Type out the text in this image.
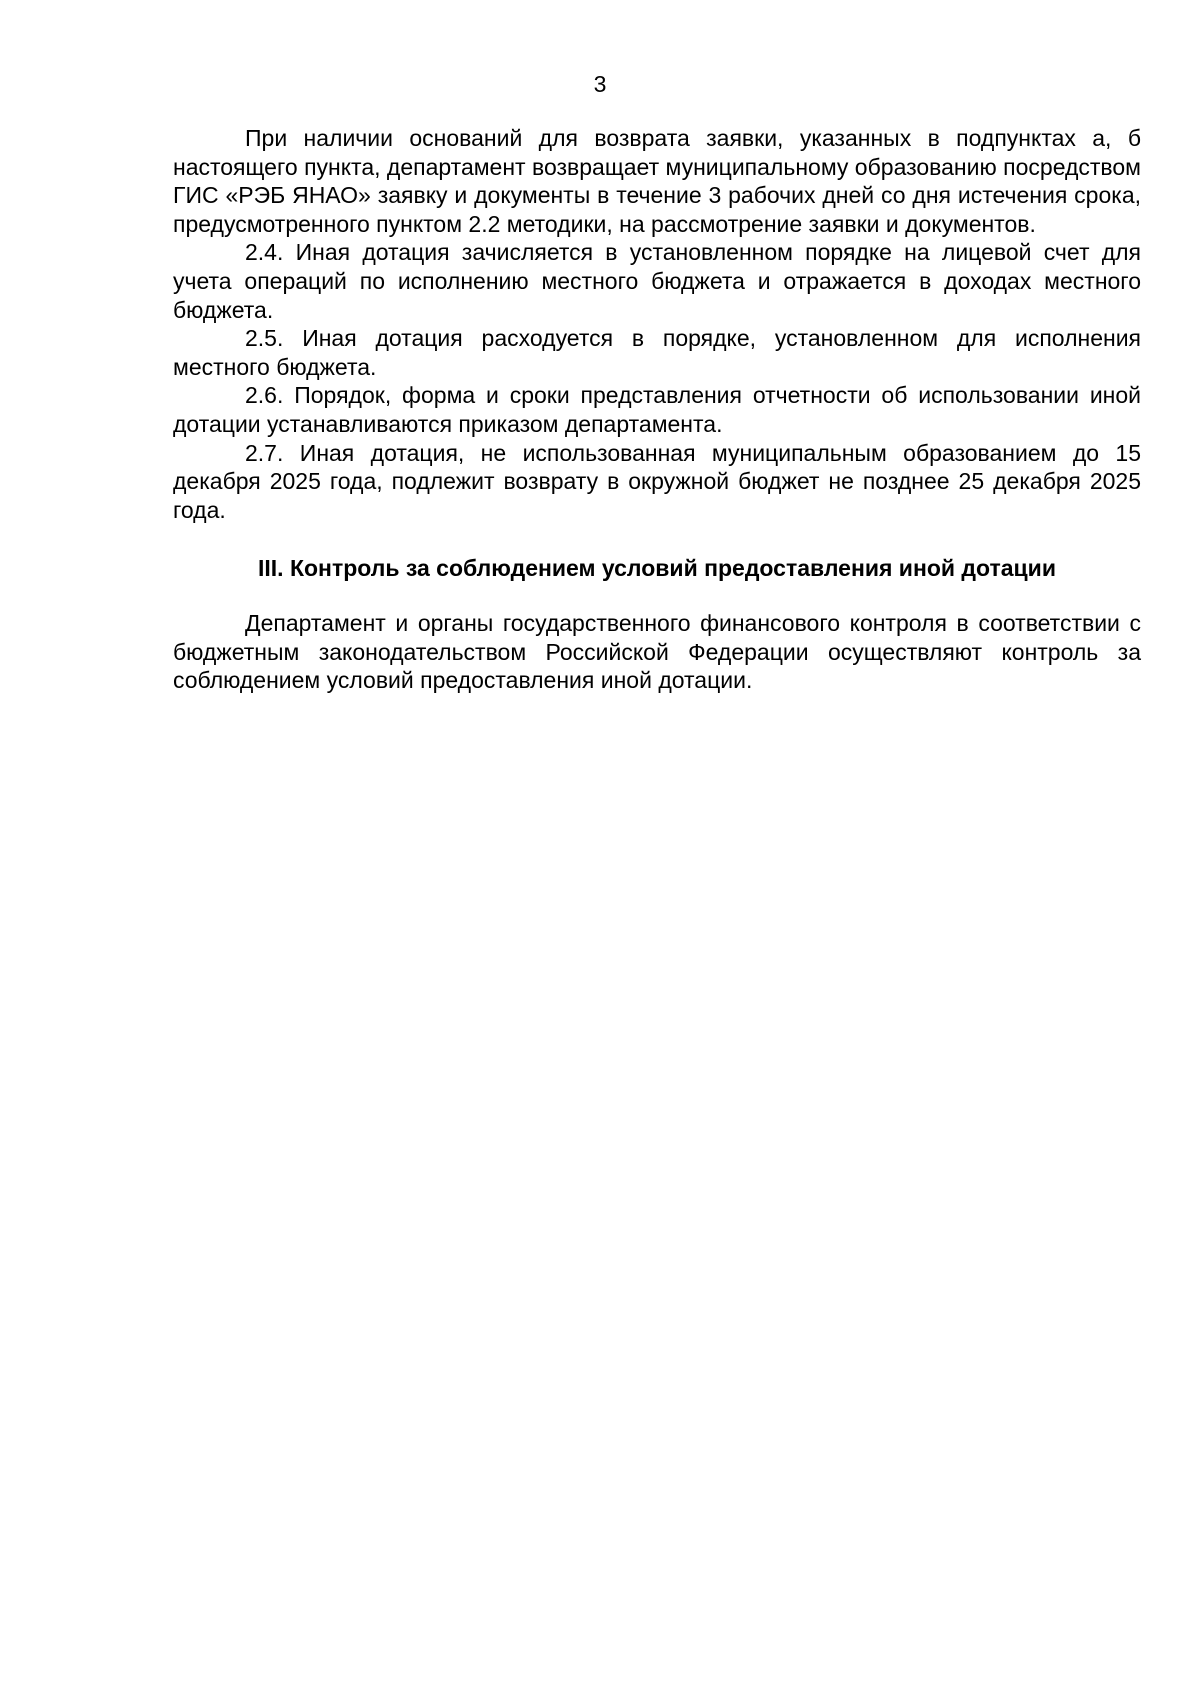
3

При наличии оснований для возврата заявки, указанных в подпунктах а, б настоящего пункта, департамент возвращает муниципальному образованию посредством ГИС «РЭБ ЯНАО» заявку и документы в течение 3 рабочих дней со дня истечения срока, предусмотренного пунктом 2.2 методики, на рассмотрение заявки и документов.

2.4. Иная дотация зачисляется в установленном порядке на лицевой счет для учета операций по исполнению местного бюджета и отражается в доходах местного бюджета.

2.5. Иная дотация расходуется в порядке, установленном для исполнения местного бюджета.

2.6. Порядок, форма и сроки представления отчетности об использовании иной дотации устанавливаются приказом департамента.

2.7. Иная дотация, не использованная муниципальным образованием до 15 декабря 2025 года, подлежит возврату в окружной бюджет не позднее 25 декабря 2025 года.

III. Контроль за соблюдением условий предоставления иной дотации

Департамент и органы государственного финансового контроля в соответствии с бюджетным законодательством Российской Федерации осуществляют контроль за соблюдением условий предоставления иной дотации.
